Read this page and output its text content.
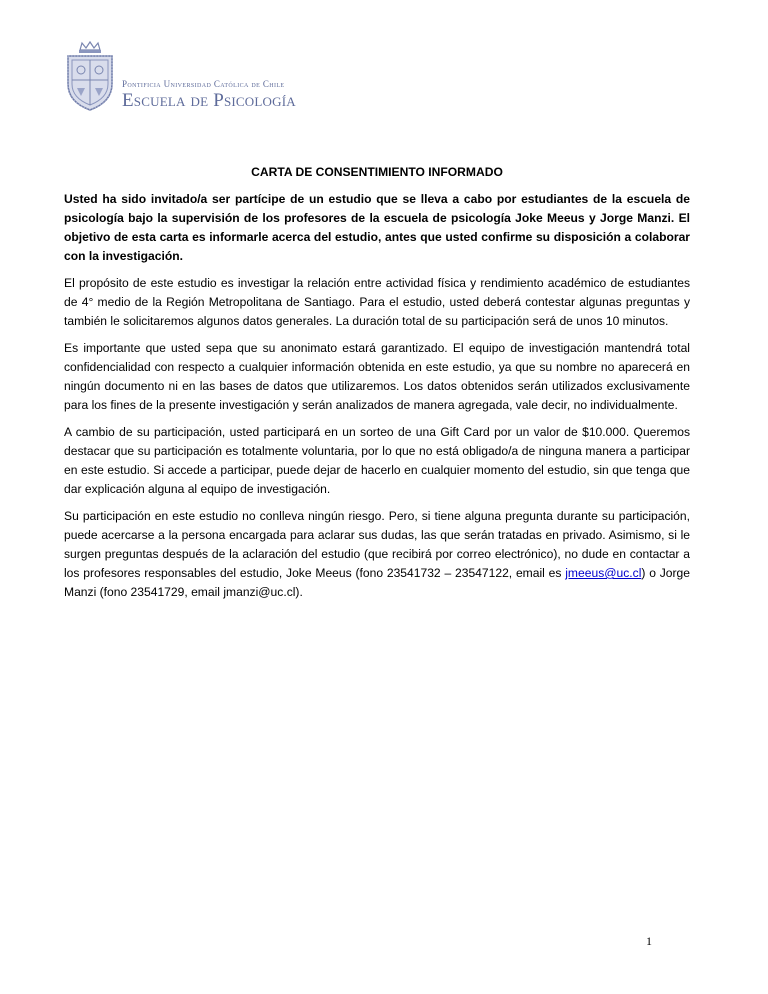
Pontificia Universidad Católica de Chile
Escuela de Psicología
CARTA DE CONSENTIMIENTO INFORMADO

Usted ha sido invitado/a ser partícipe de un estudio que se lleva a cabo por estudiantes de la escuela de psicología bajo la supervisión de los profesores de la escuela de psicología Joke Meeus y Jorge Manzi. El objetivo de esta carta es informarle acerca del estudio, antes que usted confirme su disposición a colaborar con la investigación.

El propósito de este estudio es investigar la relación entre actividad física y rendimiento académico de estudiantes de 4° medio de la Región Metropolitana de Santiago. Para el estudio, usted deberá contestar algunas preguntas y también le solicitaremos algunos datos generales. La duración total de su participación será de unos 10 minutos.

Es importante que usted sepa que su anonimato estará garantizado. El equipo de investigación mantendrá total confidencialidad con respecto a cualquier información obtenida en este estudio, ya que su nombre no aparecerá en ningún documento ni en las bases de datos que utilizaremos. Los datos obtenidos serán utilizados exclusivamente para los fines de la presente investigación y serán analizados de manera agregada, vale decir, no individualmente.

A cambio de su participación, usted participará en un sorteo de una Gift Card por un valor de $10.000. Queremos destacar que su participación es totalmente voluntaria, por lo que no está obligado/a de ninguna manera a participar en este estudio. Si accede a participar, puede dejar de hacerlo en cualquier momento del estudio, sin que tenga que dar explicación alguna al equipo de investigación.

Su participación en este estudio no conlleva ningún riesgo. Pero, si tiene alguna pregunta durante su participación, puede acercarse a la persona encargada para aclarar sus dudas, las que serán tratadas en privado. Asimismo, si le surgen preguntas después de la aclaración del estudio (que recibirá por correo electrónico), no dude en contactar a los profesores responsables del estudio, Joke Meeus (fono 23541732 – 23547122, email es jmeeus@uc.cl) o Jorge Manzi (fono 23541729, email jmanzi@uc.cl).

1
